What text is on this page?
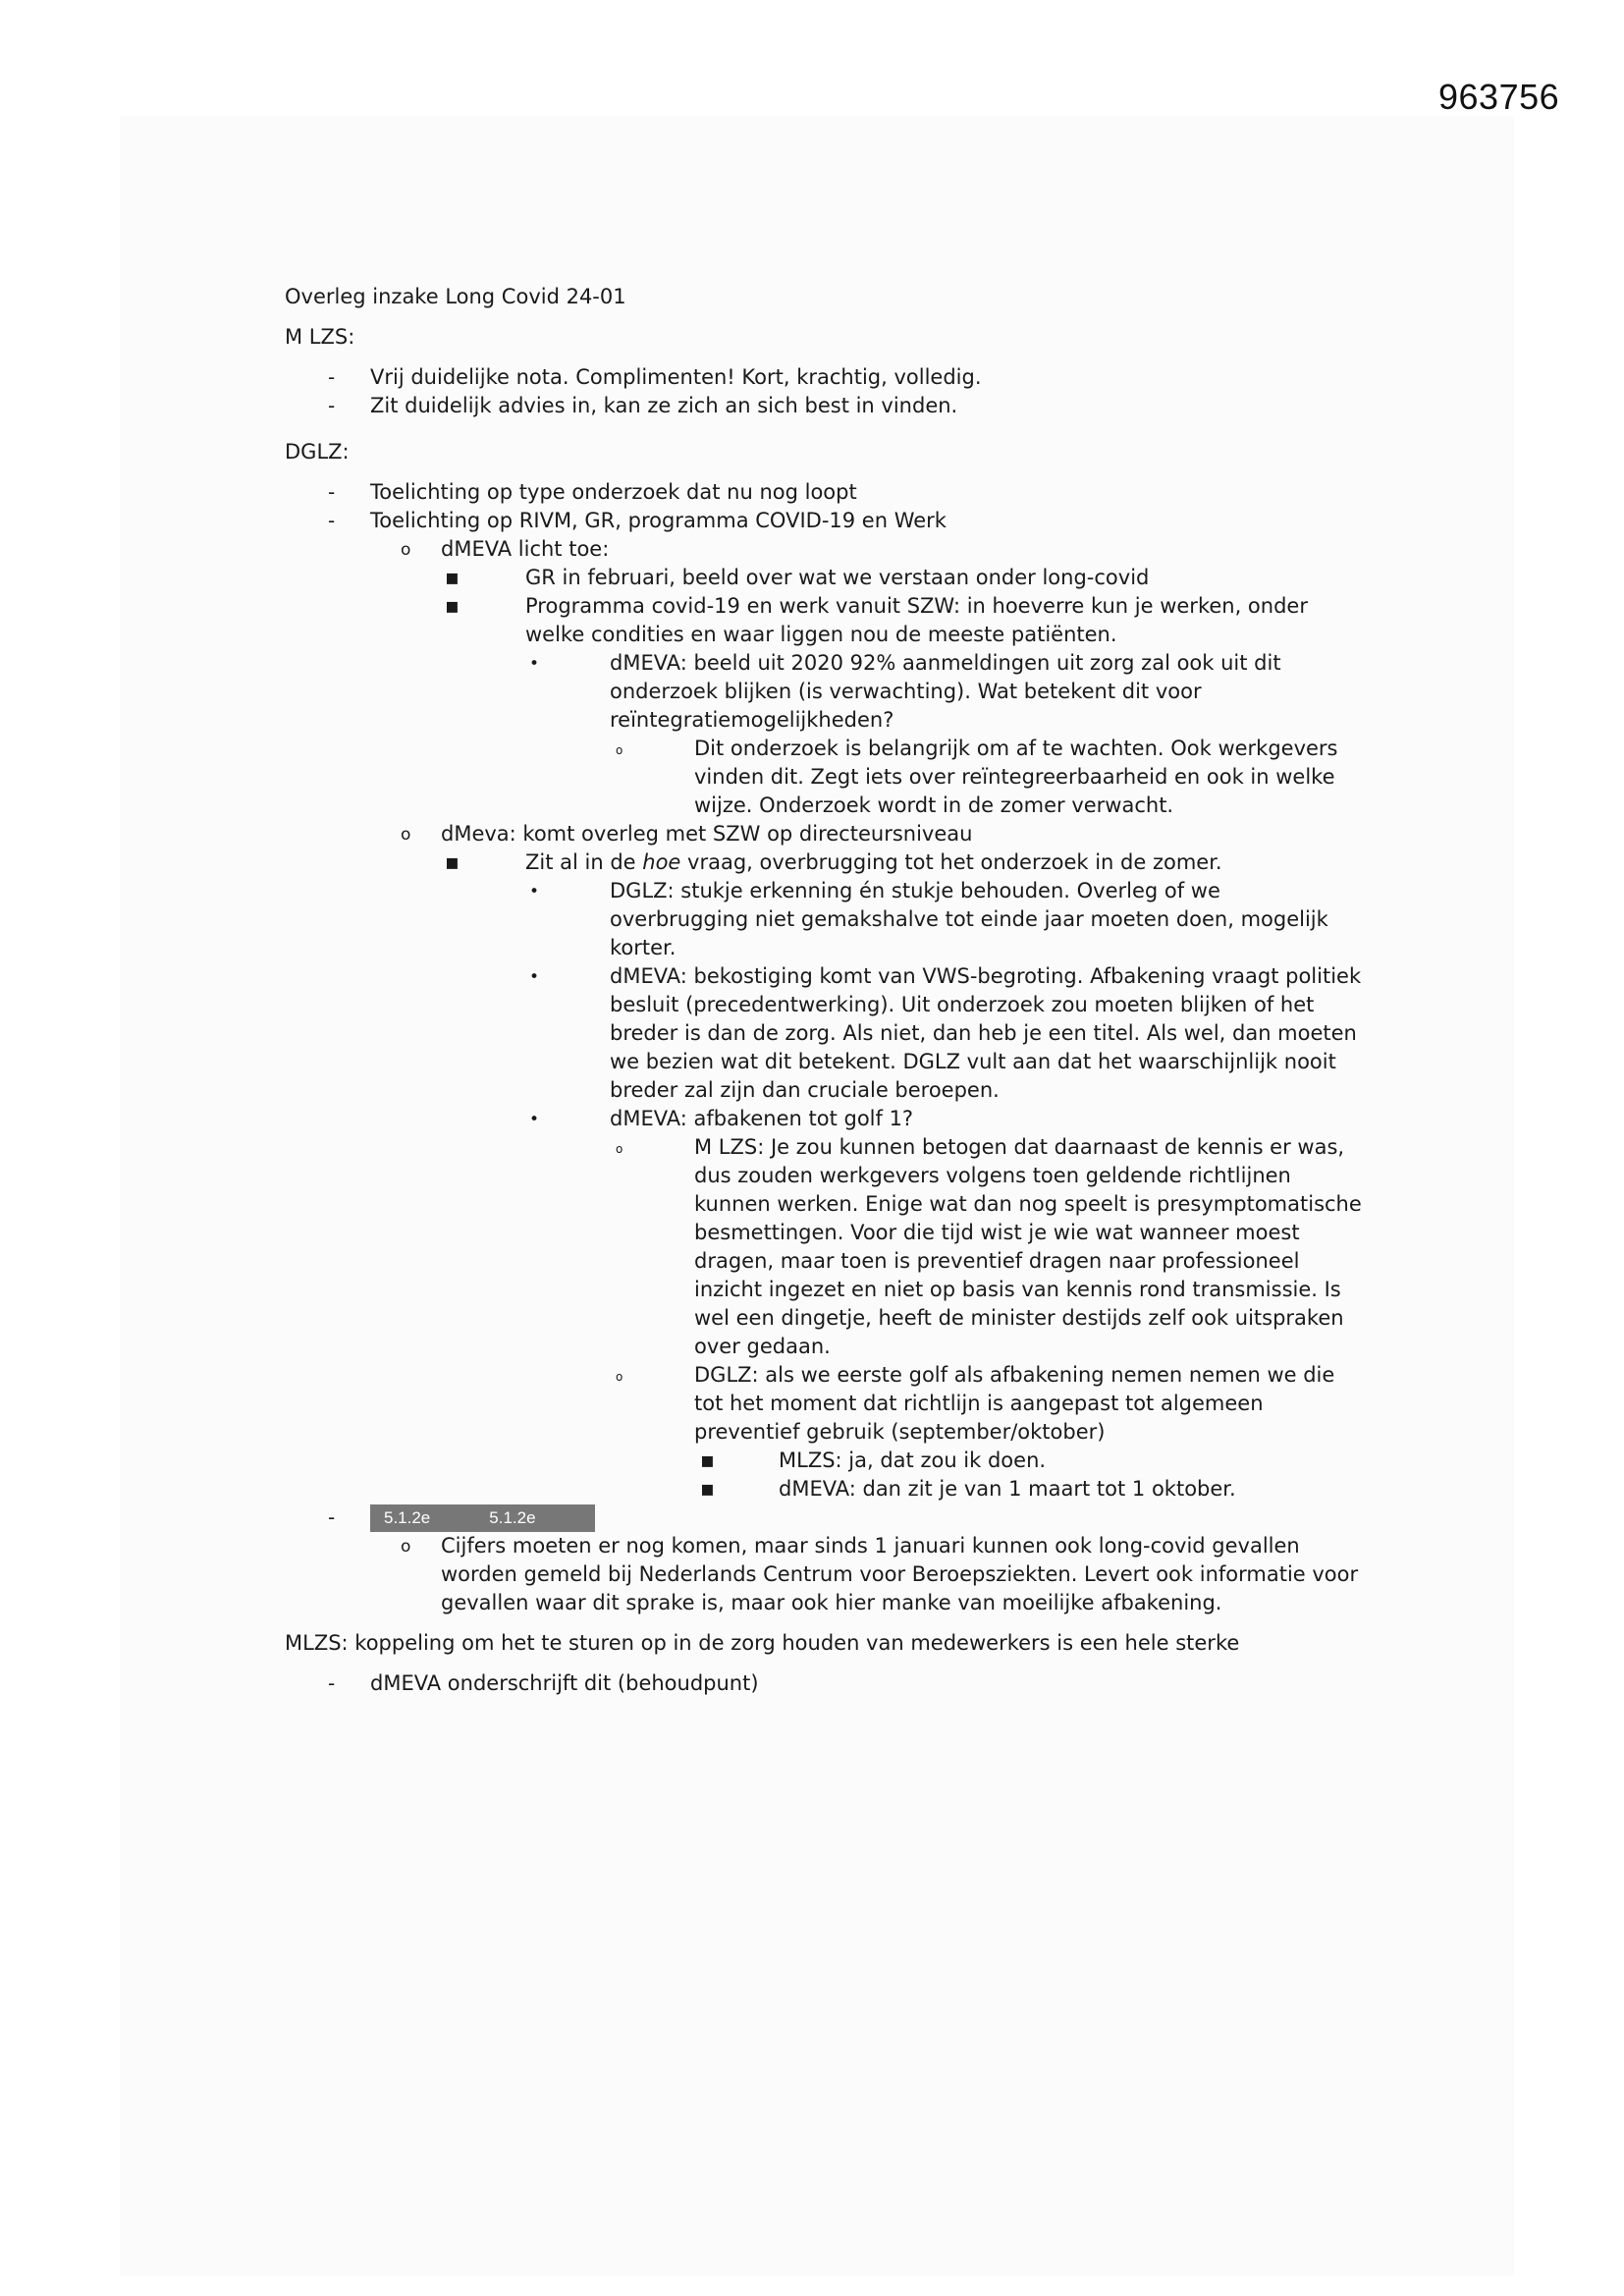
963756

Overleg inzake Long Covid 24-01

M LZS:

- Vrij duidelijke nota. Complimenten! Kort, krachtig, volledig.
- Zit duidelijk advies in, kan ze zich an sich best in vinden.

DGLZ:

- Toelichting op type onderzoek dat nu nog loopt
- Toelichting op RIVM, GR, programma COVID-19 en Werk
o dMEVA licht toe:
▪	GR in februari, beeld over wat we verstaan onder long-covid
▪	Programma covid-19 en werk vanuit SZW: in hoeverre kun je werken, onder welke condities en waar liggen nou de meeste patiënten.
•	dMEVA: beeld uit 2020 92% aanmeldingen uit zorg zal ook uit dit onderzoek blijken (is verwachting). Wat betekent dit voor reïntegratiemogelijkheden?
o	Dit onderzoek is belangrijk om af te wachten. Ook werkgevers vinden dit. Zegt iets over reïntegreerbaarheid en ook in welke wijze. Onderzoek wordt in de zomer verwacht.
o dMeva: komt overleg met SZW op directeursniveau
▪	Zit al in de hoe vraag, overbrugging tot het onderzoek in de zomer.
•	DGLZ: stukje erkenning én stukje behouden. Overleg of we overbrugging niet gemakshalve tot einde jaar moeten doen, mogelijk korter.
•	dMEVA: bekostiging komt van VWS-begroting. Afbakening vraagt politiek besluit (precedentwerking). Uit onderzoek zou moeten blijken of het breder is dan de zorg. Als niet, dan heb je een titel. Als wel, dan moeten we bezien wat dit betekent. DGLZ vult aan dat het waarschijnlijk nooit breder zal zijn dan cruciale beroepen.
•	dMEVA: afbakenen tot golf 1?
o	M LZS: Je zou kunnen betogen dat daarnaast de kennis er was, dus zouden werkgevers volgens toen geldende richtlijnen kunnen werken. Enige wat dan nog speelt is presymptomatische besmettingen. Voor die tijd wist je wie wat wanneer moest dragen, maar toen is preventief dragen naar professioneel inzicht ingezet en niet op basis van kennis rond transmissie. Is wel een dingetje, heeft de minister destijds zelf ook uitspraken over gedaan.
o	DGLZ: als we eerste golf als afbakening nemen nemen we die tot het moment dat richtlijn is aangepast tot algemeen preventief gebruik (september/oktober)
▪	MLZS: ja, dat zou ik doen.
▪	dMEVA: dan zit je van 1 maart tot 1 oktober.
-	5.1.2e	5.1.2e
o Cijfers moeten er nog komen, maar sinds 1 januari kunnen ook long-covid gevallen worden gemeld bij Nederlands Centrum voor Beroepsziekten. Levert ook informatie voor gevallen waar dit sprake is, maar ook hier manke van moeilijke afbakening.

MLZS: koppeling om het te sturen op in de zorg houden van medewerkers is een hele sterke

- dMEVA onderschrijft dit (behoudpunt)
